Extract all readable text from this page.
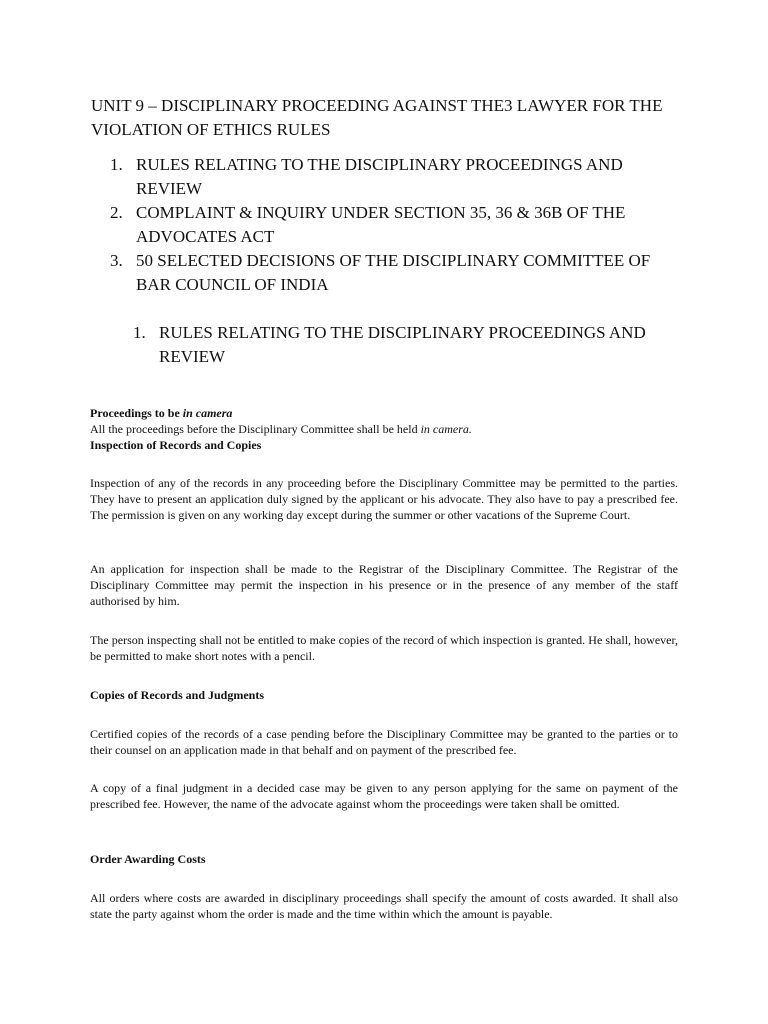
UNIT 9 – DISCIPLINARY PROCEEDING AGAINST THE3 LAWYER FOR THE VIOLATION OF ETHICS RULES
1. RULES RELATING TO THE DISCIPLINARY PROCEEDINGS AND REVIEW
2. COMPLAINT & INQUIRY UNDER SECTION 35, 36 & 36B OF THE ADVOCATES ACT
3. 50 SELECTED DECISIONS OF THE DISCIPLINARY COMMITTEE OF BAR COUNCIL OF INDIA
1. RULES RELATING TO THE DISCIPLINARY PROCEEDINGS AND REVIEW

Proceedings to be in camera

All the proceedings before the Disciplinary Committee shall be held in camera.

Inspection of Records and Copies

Inspection of any of the records in any proceeding before the Disciplinary Committee may be permitted to the parties. They have to present an application duly signed by the applicant or his advocate. They also have to pay a prescribed fee. The permission is given on any working day except during the summer or other vacations of the Supreme Court.

An application for inspection shall be made to the Registrar of the Disciplinary Committee. The Registrar of the Disciplinary Committee may permit the inspection in his presence or in the presence of any member of the staff authorised by him.

The person inspecting shall not be entitled to make copies of the record of which inspection is granted. He shall, however, be permitted to make short notes with a pencil.

Copies of Records and Judgments

Certified copies of the records of a case pending before the Disciplinary Committee may be granted to the parties or to their counsel on an application made in that behalf and on payment of the prescribed fee.

A copy of a final judgment in a decided case may be given to any person applying for the same on payment of the prescribed fee. However, the name of the advocate against whom the proceedings were taken shall be omitted.

Order Awarding Costs

All orders where costs are awarded in disciplinary proceedings shall specify the amount of costs awarded. It shall also state the party against whom the order is made and the time within which the amount is payable.
